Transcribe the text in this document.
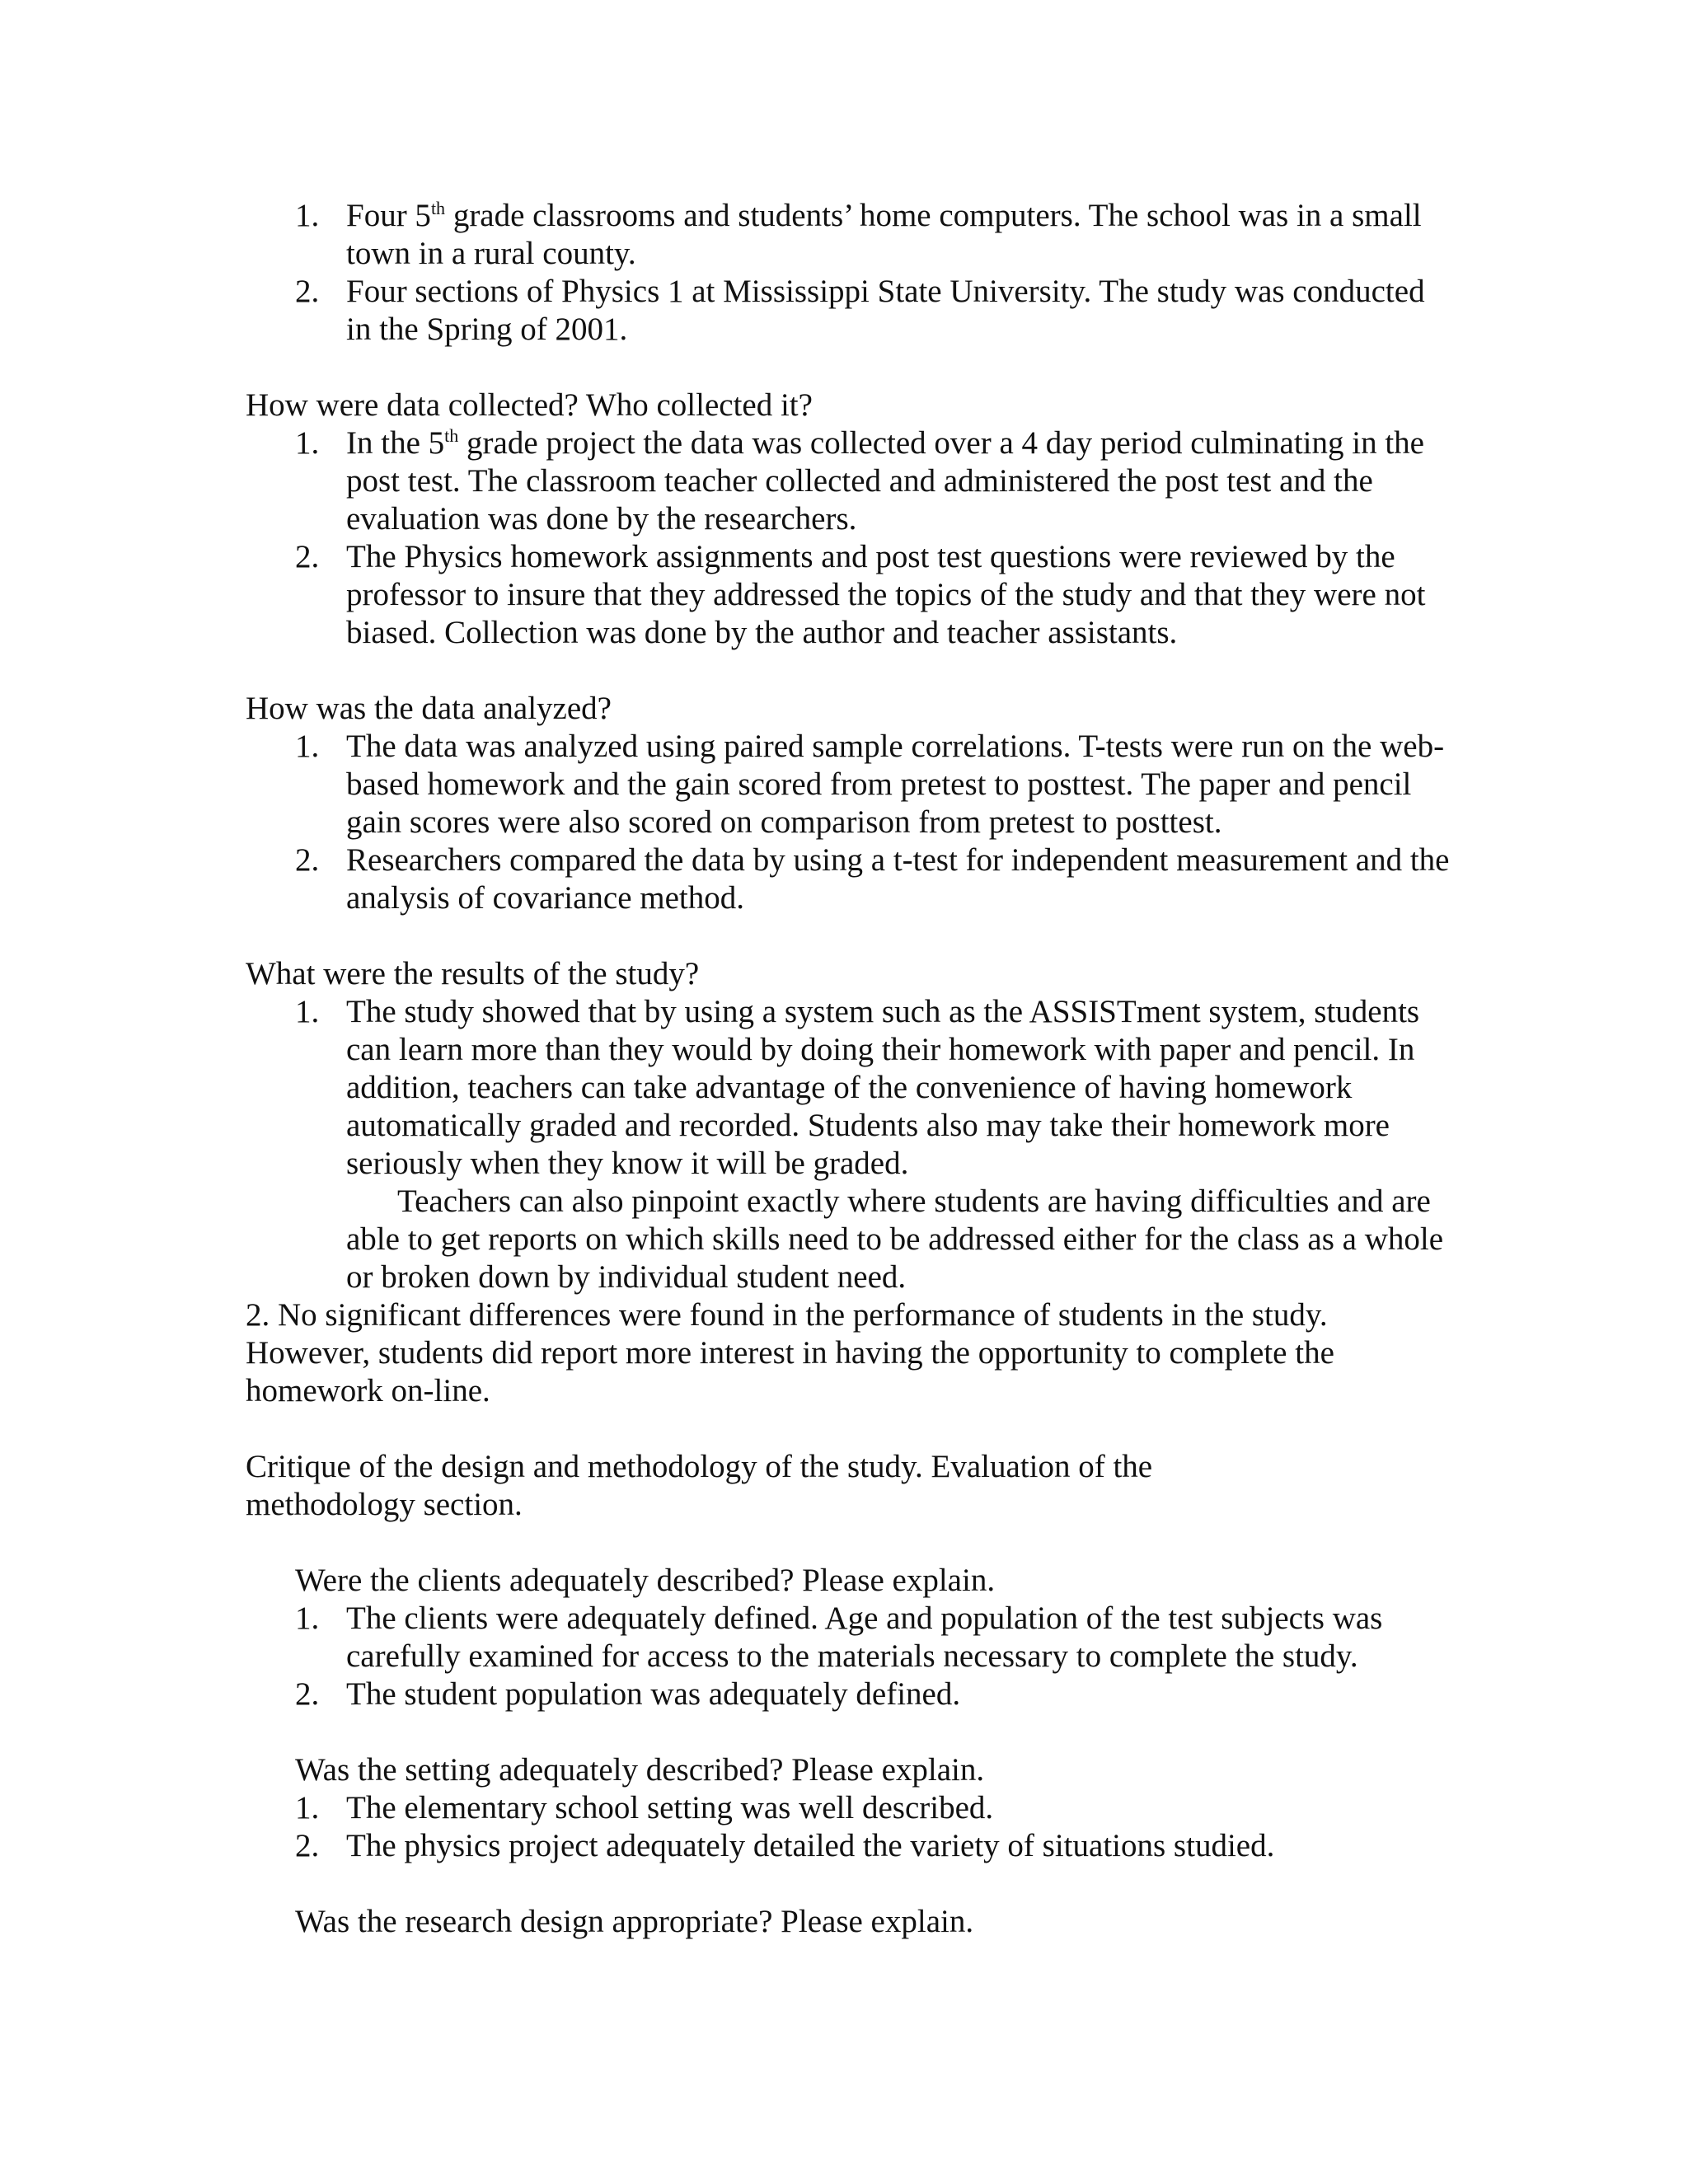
1. Four 5th grade classrooms and students’ home computers. The school was in a small town in a rural county.
2. Four sections of Physics 1 at Mississippi State University. The study was conducted in the Spring of 2001.
How were data collected? Who collected it?
1. In the 5th grade project the data was collected over a 4 day period culminating in the post test. The classroom teacher collected and administered the post test and the evaluation was done by the researchers.
2. The Physics homework assignments and post test questions were reviewed by the professor to insure that they addressed the topics of the study and that they were not biased. Collection was done by the author and teacher assistants.
How was the data analyzed?
1. The data was analyzed using paired sample correlations. T-tests were run on the web-based homework and the gain scored from pretest to posttest. The paper and pencil gain scores were also scored on comparison from pretest to posttest.
2. Researchers compared the data by using a t-test for independent measurement and the analysis of covariance method.
What were the results of the study?
1. The study showed that by using a system such as the ASSISTment system, students can learn more than they would by doing their homework with paper and pencil. In addition, teachers can take advantage of the convenience of having homework automatically graded and recorded. Students also may take their homework more seriously when they know it will be graded.
Teachers can also pinpoint exactly where students are having difficulties and are able to get reports on which skills need to be addressed either for the class as a whole or broken down by individual student need.
2. No significant differences were found in the performance of students in the study. However, students did report more interest in having the opportunity to complete the homework on-line.
Critique of the design and methodology of the study. Evaluation of the methodology section.
Were the clients adequately described? Please explain.
1. The clients were adequately defined. Age and population of the test subjects was carefully examined for access to the materials necessary to complete the study.
2. The student population was adequately defined.
Was the setting adequately described? Please explain.
1. The elementary school setting was well described.
2. The physics project adequately detailed the variety of situations studied.
Was the research design appropriate? Please explain.
